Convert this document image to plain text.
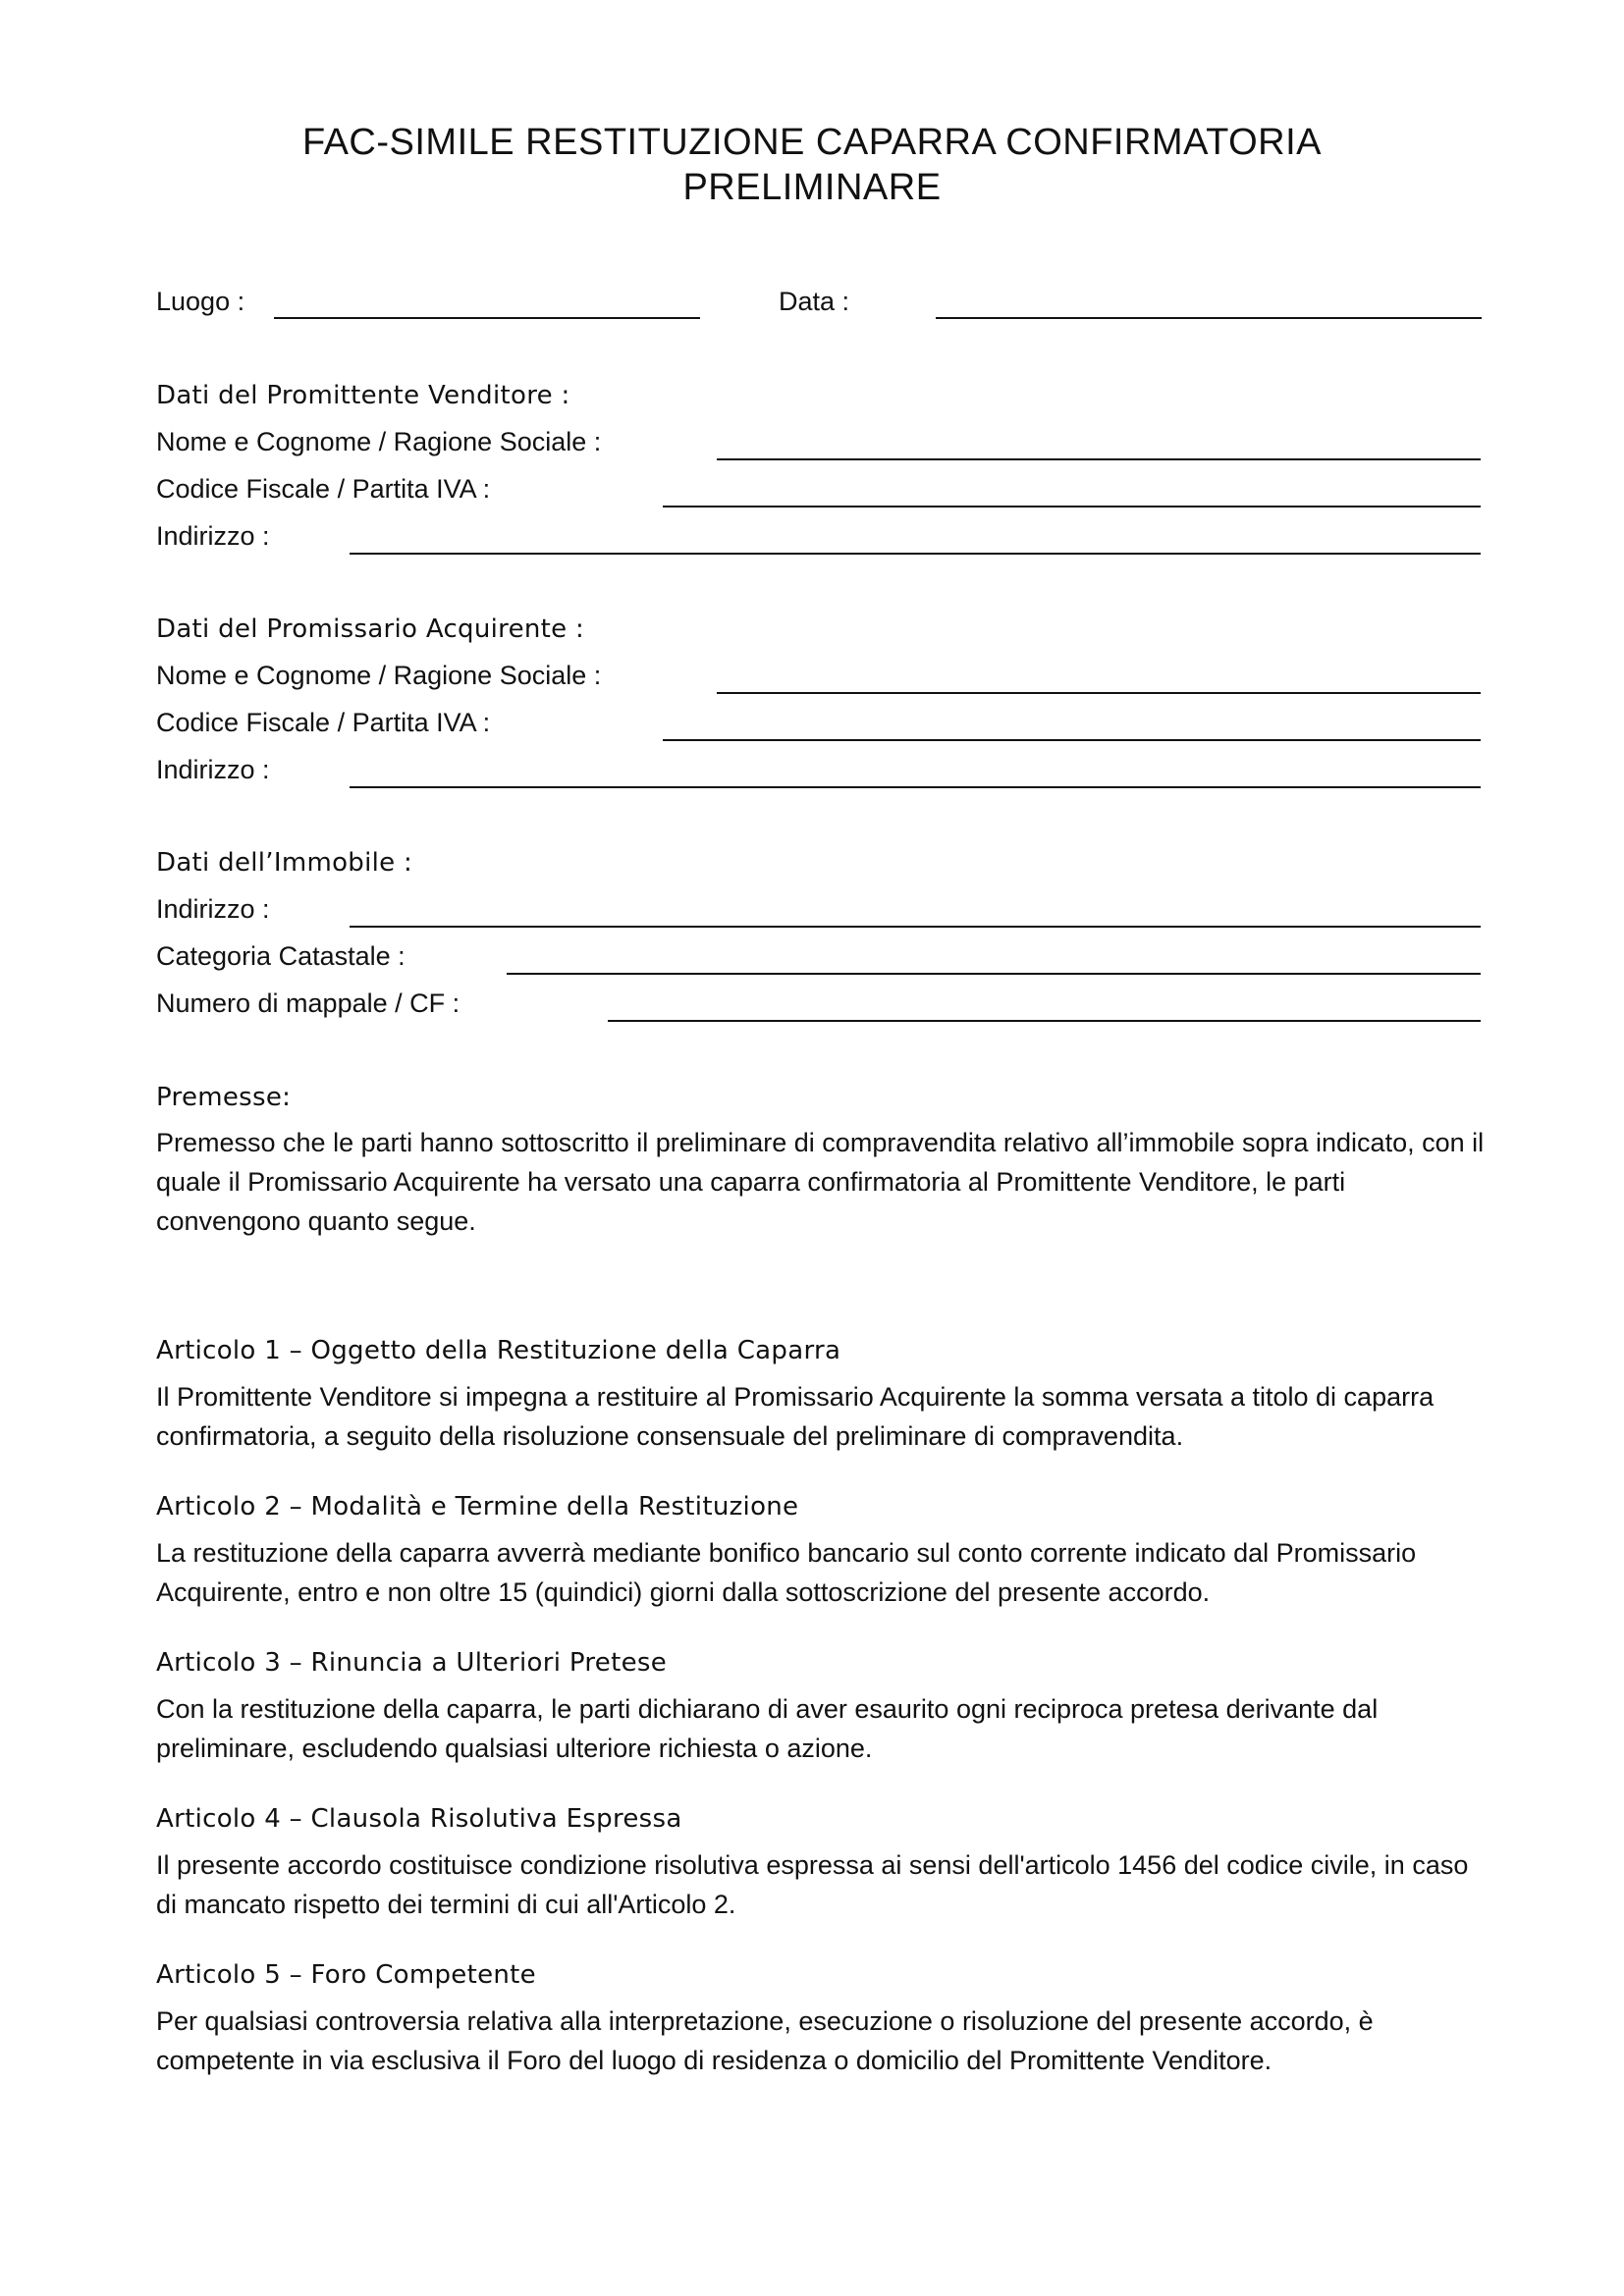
FAC-SIMILE RESTITUZIONE CAPARRA CONFIRMATORIA
PRELIMINARE
Luogo :	Data :
Dati del Promittente Venditore :
Nome e Cognome / Ragione Sociale :
Codice Fiscale / Partita IVA :
Indirizzo :
Dati del Promissario Acquirente :
Nome e Cognome / Ragione Sociale :
Codice Fiscale / Partita IVA :
Indirizzo :
Dati dell’Immobile :
Indirizzo :
Categoria Catastale :
Numero di mappale / CF :
Premesse:
Premesso che le parti hanno sottoscritto il preliminare di compravendita relativo all’immobile sopra indicato, con il quale il Promissario Acquirente ha versato una caparra confirmatoria al Promittente Venditore, le parti convengono quanto segue.
Articolo 1 – Oggetto della Restituzione della Caparra
Il Promittente Venditore si impegna a restituire al Promissario Acquirente la somma versata a titolo di caparra confirmatoria, a seguito della risoluzione consensuale del preliminare di compravendita.
Articolo 2 – Modalità e Termine della Restituzione
La restituzione della caparra avverrà mediante bonifico bancario sul conto corrente indicato dal Promissario Acquirente, entro e non oltre 15 (quindici) giorni dalla sottoscrizione del presente accordo.
Articolo 3 – Rinuncia a Ulteriori Pretese
Con la restituzione della caparra, le parti dichiarano di aver esaurito ogni reciproca pretesa derivante dal preliminare, escludendo qualsiasi ulteriore richiesta o azione.
Articolo 4 – Clausola Risolutiva Espressa
Il presente accordo costituisce condizione risolutiva espressa ai sensi dell'articolo 1456 del codice civile, in caso di mancato rispetto dei termini di cui all'Articolo 2.
Articolo 5 – Foro Competente
Per qualsiasi controversia relativa alla interpretazione, esecuzione o risoluzione del presente accordo, è competente in via esclusiva il Foro del luogo di residenza o domicilio del Promittente Venditore.
